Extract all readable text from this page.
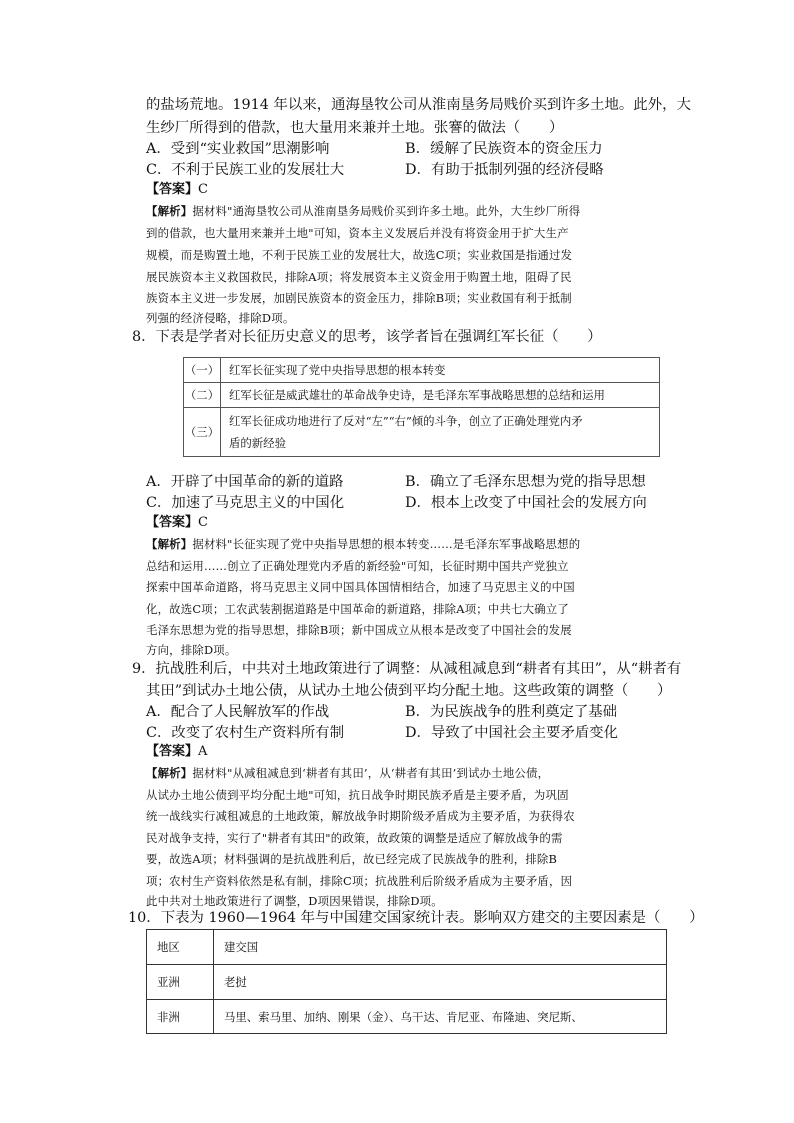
的盐场荒地。1914 年以来，通海垦牧公司从淮南垦务局贱价买到许多土地。此外，大
生纱厂所得到的借款，也大量用来兼并土地。张謇的做法（　　）
A．受到“实业救国”思潮影响	B．缓解了民族资本的资金压力
C．不利于民族工业的发展壮大	D．有助于抵制列强的经济侵略
【答案】C
【解析】据材料"通海垦牧公司从淮南垦务局贱价买到许多土地。此外，大生纱厂所得
到的借款，也大量用来兼并土地"可知，资本主义发展后并没有将资金用于扩大生产
规模，而是购置土地，不利于民族工业的发展壮大，故选C项；实业救国是指通过发
展民族资本主义救国救民，排除A项；将发展资本主义资金用于购置土地，阻碍了民
族资本主义进一步发展，加剧民族资本的资金压力，排除B项；实业救国有利于抵制
列强的经济侵略，排除D项。
8．下表是学者对长征历史意义的思考，该学者旨在强调红军长征（　　）
（一）	红军长征实现了党中央指导思想的根本转变
（二）	红军长征是威武雄壮的革命战争史诗，是毛泽东军事战略思想的总结和运用
（三）	红军长征成功地进行了反对“左”“右”倾的斗争，创立了正确处理党内矛
盾的新经验
A．开辟了中国革命的新的道路	B．确立了毛泽东思想为党的指导思想
C．加速了马克思主义的中国化	D．根本上改变了中国社会的发展方向
【答案】C
【解析】据材料"长征实现了党中央指导思想的根本转变……是毛泽东军事战略思想的
总结和运用……创立了正确处理党内矛盾的新经验"可知，长征时期中国共产党独立
探索中国革命道路，将马克思主义同中国具体国情相结合，加速了马克思主义的中国
化，故选C项；工农武装割据道路是中国革命的新道路，排除A项；中共七大确立了
毛泽东思想为党的指导思想，排除B项；新中国成立从根本是改变了中国社会的发展
方向，排除D项。
9．抗战胜利后，中共对土地政策进行了调整：从减租减息到“耕者有其田”，从“耕者有
其田”到试办土地公债，从试办土地公债到平均分配土地。这些政策的调整（　　）
A．配合了人民解放军的作战	B．为民族战争的胜利奠定了基础
C．改变了农村生产资料所有制	D．导致了中国社会主要矛盾变化
【答案】A
【解析】据材料"从减租减息到‘耕者有其田’，从‘耕者有其田’到试办土地公债，
从试办土地公债到平均分配土地"可知，抗日战争时期民族矛盾是主要矛盾，为巩固
统一战线实行减租减息的土地政策，解放战争时期阶级矛盾成为主要矛盾，为获得农
民对战争支持，实行了"耕者有其田"的政策，故政策的调整是适应了解放战争的需
要，故选A项；材料强调的是抗战胜利后，故已经完成了民族战争的胜利，排除B
项；农村生产资料依然是私有制，排除C项；抗战胜利后阶级矛盾成为主要矛盾，因
此中共对土地政策进行了调整，D项因果错误，排除D项。
10．下表为 1960—1964 年与中国建交国家统计表。影响双方建交的主要因素是（　　）
地区	建交国
亚洲	老挝
非洲	马里、索马里、加纳、刚果（金）、乌干达、肯尼亚、布隆迪、突尼斯、
